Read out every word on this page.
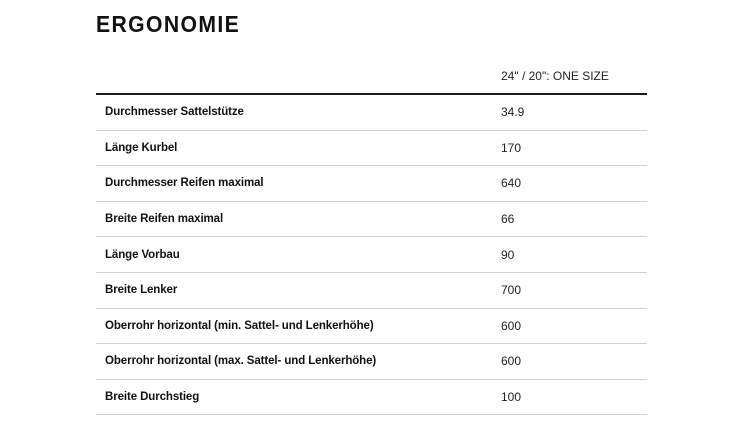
ERGONOMIE
	24" / 20": ONE SIZE
Durchmesser Sattelstütze	34.9
Länge Kurbel	170
Durchmesser Reifen maximal	640
Breite Reifen maximal	66
Länge Vorbau	90
Breite Lenker	700
Oberrohr horizontal (min. Sattel- und Lenkerhöhe)	600
Oberrohr horizontal (max. Sattel- und Lenkerhöhe)	600
Breite Durchstieg	100
